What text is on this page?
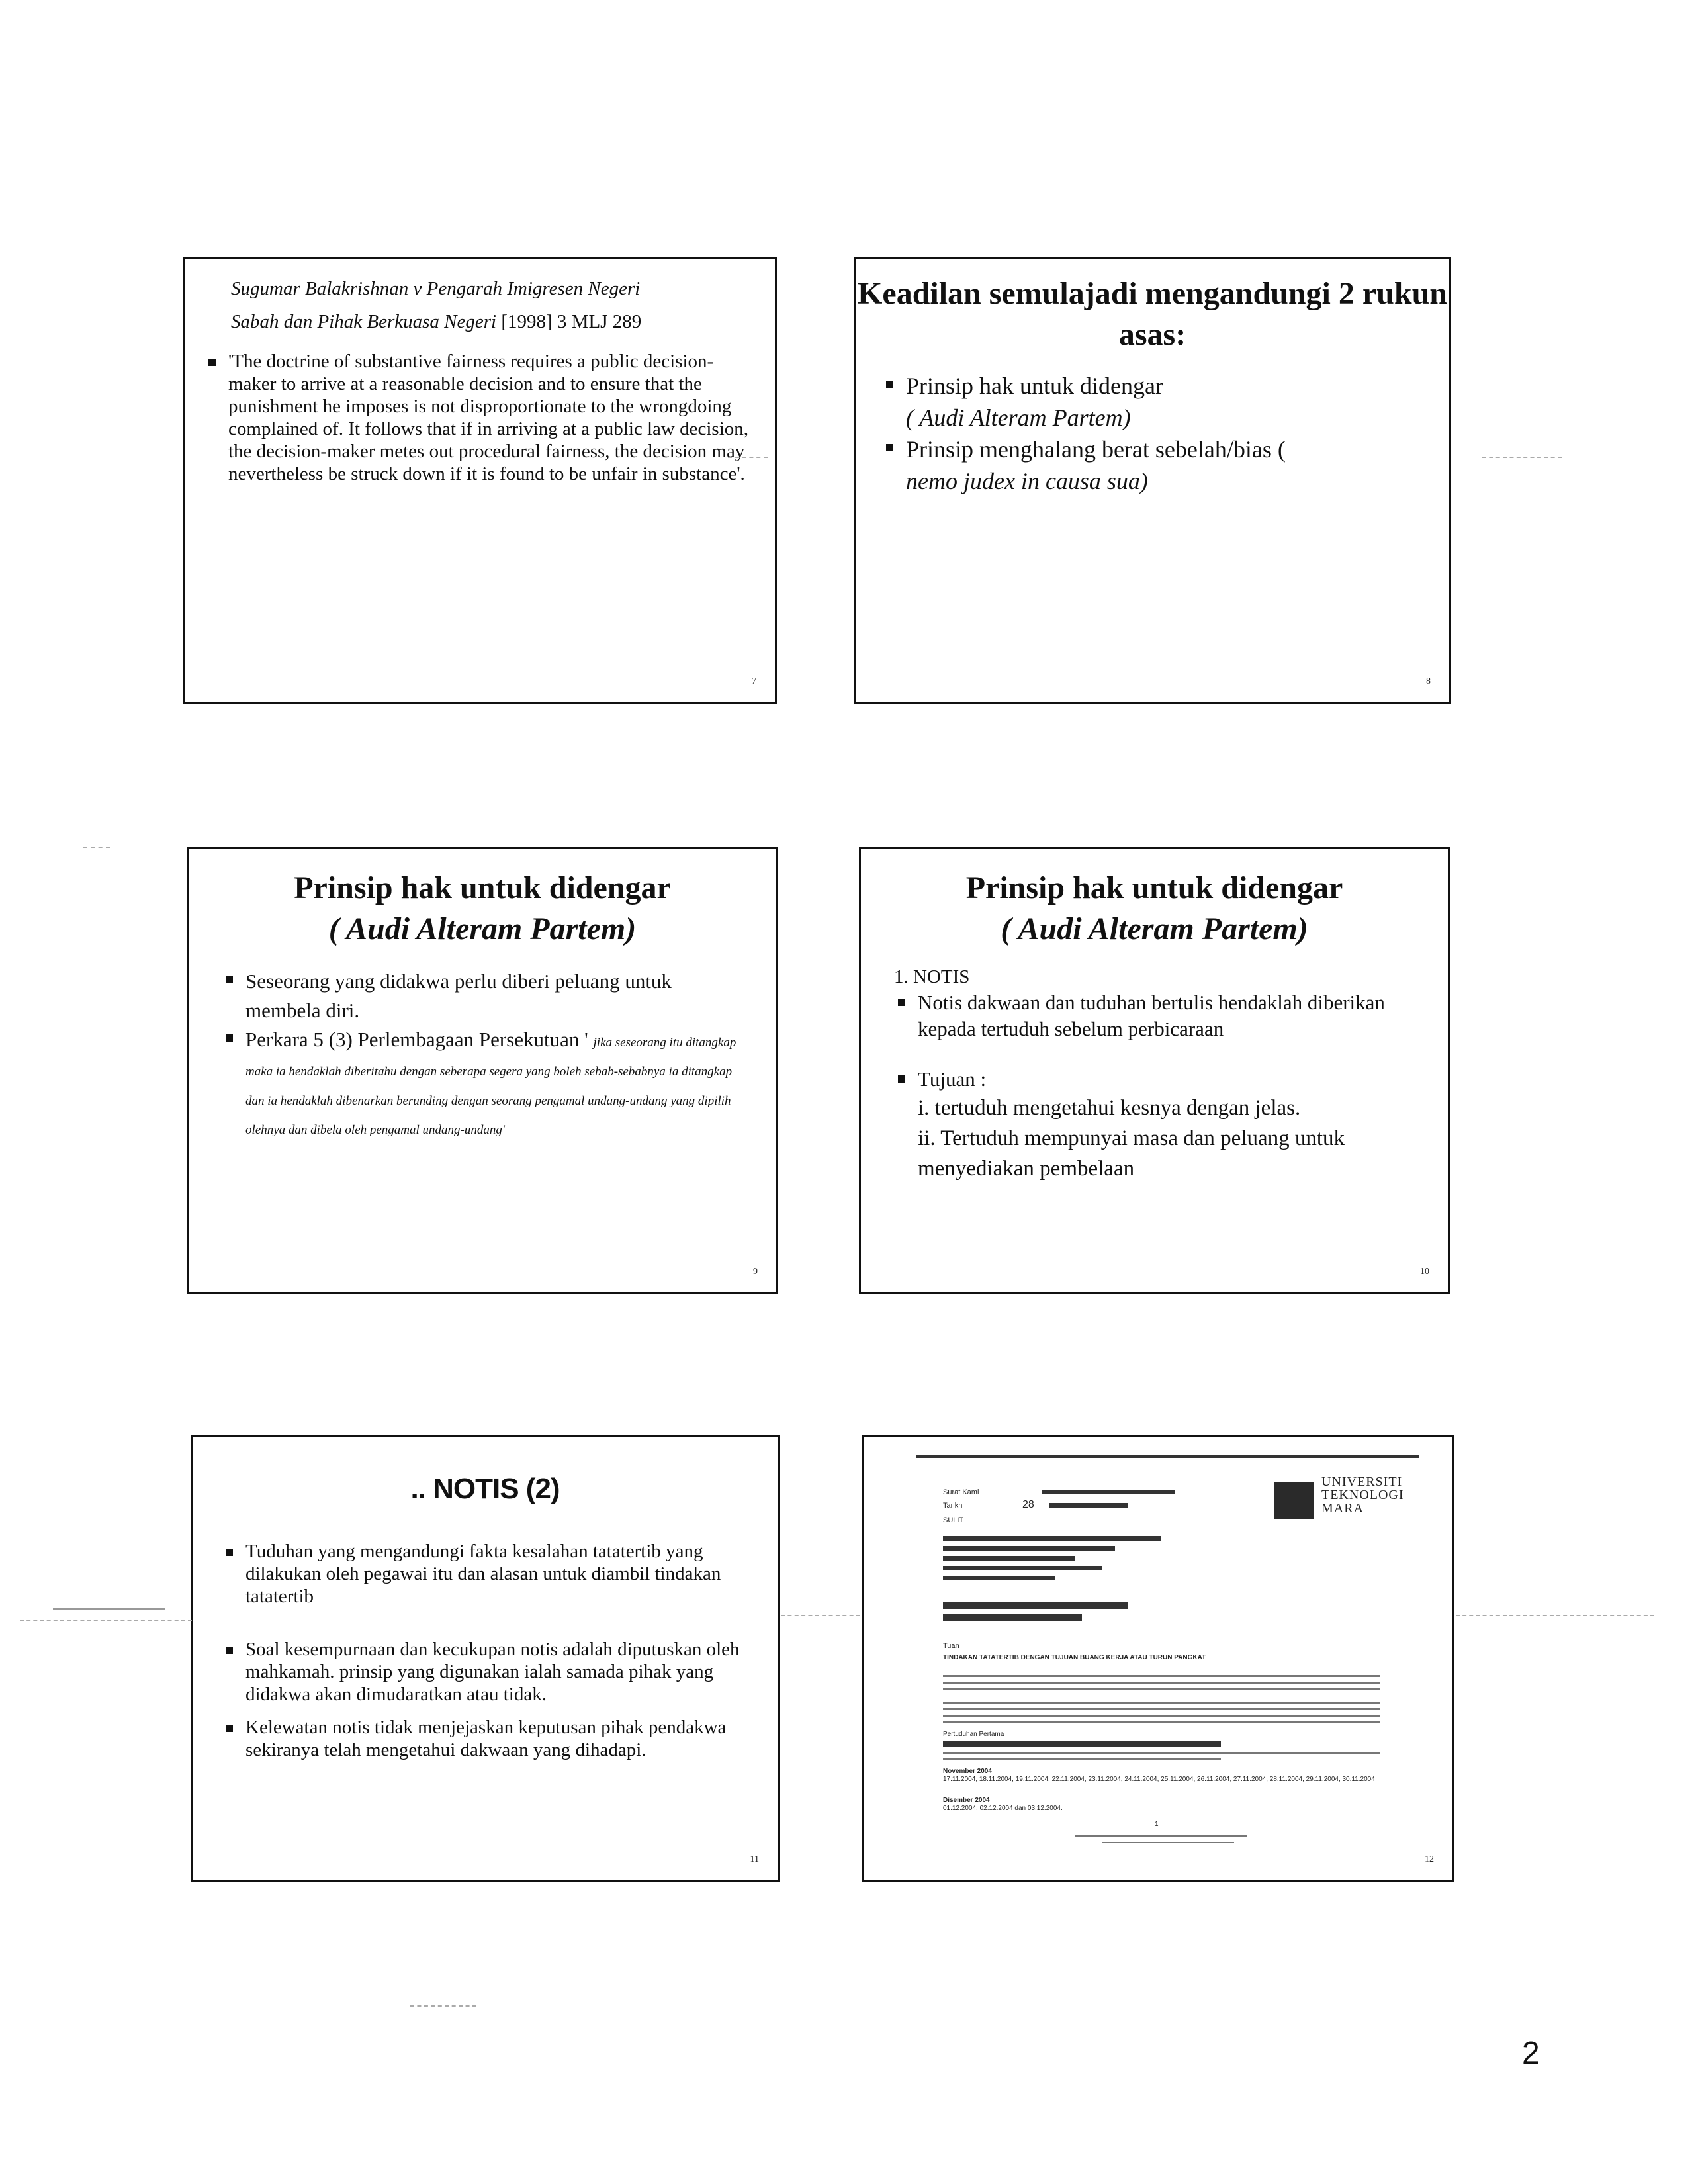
Sugumar Balakrishnan v Pengarah Imigresen Negeri
Sabah dan Pihak Berkuasa Negeri [1998] 3 MLJ 289
'The doctrine of substantive fairness requires a public decision-maker to arrive at a reasonable decision and to ensure that the punishment he imposes is not disproportionate to the wrongdoing complained of. It follows that if in arriving at a public law decision, the decision-maker metes out procedural fairness, the decision may nevertheless be struck down if it is found to be unfair in substance'.
7
Keadilan semulajadi mengandungi 2 rukun asas:
Prinsip hak untuk didengar
( Audi Alteram Partem)
Prinsip menghalang berat sebelah/bias (
nemo judex in causa sua)
8
Prinsip hak untuk didengar
( Audi Alteram Partem)
Seseorang yang didakwa perlu diberi peluang untuk membela diri.
Perkara 5 (3) Perlembagaan Persekutuan ' jika seseorang itu ditangkap maka ia hendaklah diberitahu dengan seberapa segera yang boleh sebab-sebabnya ia ditangkap dan ia hendaklah dibenarkan berunding dengan seorang pengamal undang-undang yang dipilih olehnya dan dibela oleh pengamal undang-undang'
9
Prinsip hak untuk didengar
( Audi Alteram Partem)
1. NOTIS
Notis dakwaan dan tuduhan bertulis hendaklah diberikan kepada tertuduh sebelum perbicaraan
Tujuan :
i. tertuduh mengetahui kesnya dengan jelas.
ii. Tertuduh mempunyai masa dan peluang untuk menyediakan pembelaan
10
.. NOTIS (2)
Tuduhan yang mengandungi fakta kesalahan tatatertib yang dilakukan oleh pegawai itu dan alasan untuk diambil tindakan tatatertib
Soal kesempurnaan dan kecukupan notis adalah diputuskan oleh mahkamah. prinsip yang digunakan ialah samada pihak yang didakwa akan dimudaratkan atau tidak.
Kelewatan notis tidak menjejaskan keputusan pihak pendakwa sekiranya telah mengetahui dakwaan yang dihadapi.
11
UNIVERSITI TEKNOLOGI MARA
Surat Kami
Tarikh	28
SULIT
Tuan
TINDAKAN TATATERTIB DENGAN TUJUAN BUANG KERJA ATAU TURUN PANGKAT
Pertuduhan Pertama
November 2004
17.11.2004, 18.11.2004, 19.11.2004, 22.11.2004, 23.11.2004, 24.11.2004, 25.11.2004, 26.11.2004, 27.11.2004, 28.11.2004, 29.11.2004, 30.11.2004
Disember 2004
01.12.2004, 02.12.2004 dan 03.12.2004.
1
12
2
